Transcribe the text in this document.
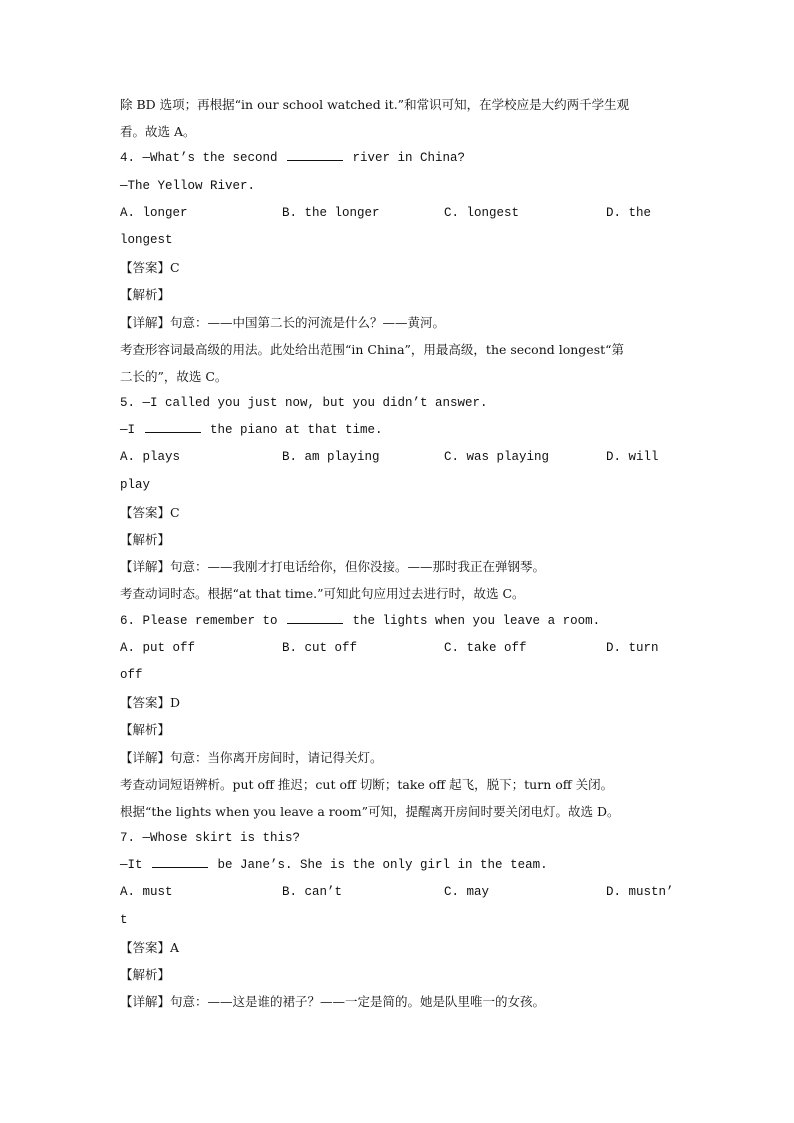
除 BD 选项；再根据“in our school watched it.”和常识可知，在学校应是大约两千学生观
看。故选 A。
4. —What’s the second	river in China?
—The Yellow River.
A. longer	B. the longer	C. longest	D. the
longest
【答案】C
【解析】
【详解】句意：——中国第二长的河流是什么？——黄河。
考查形容词最高级的用法。此处给出范围“in China”，用最高级，the second longest“第
二长的”，故选 C。
5. —I called you just now, but you didn’t answer.
—I	the piano at that time.
A. plays	B. am playing	C. was playing	D. will
play
【答案】C
【解析】
【详解】句意：——我刚才打电话给你，但你没接。——那时我正在弹钢琴。
考查动词时态。根据“at that time.”可知此句应用过去进行时，故选 C。
6. Please remember to	the lights when you leave a room.
A. put off	B. cut off	C. take off	D. turn
off
【答案】D
【解析】
【详解】句意：当你离开房间时，请记得关灯。
考查动词短语辨析。put off 推迟；cut off 切断；take off 起飞，脱下；turn off 关闭。
根据“the lights when you leave a room”可知，提醒离开房间时要关闭电灯。故选 D。
7. —Whose skirt is this?
—It	be Jane’s. She is the only girl in the team.
A. must	B. can’t	C. may	D. mustn’
t
【答案】A
【解析】
【详解】句意：——这是谁的裙子？——一定是简的。她是队里唯一的女孩。
